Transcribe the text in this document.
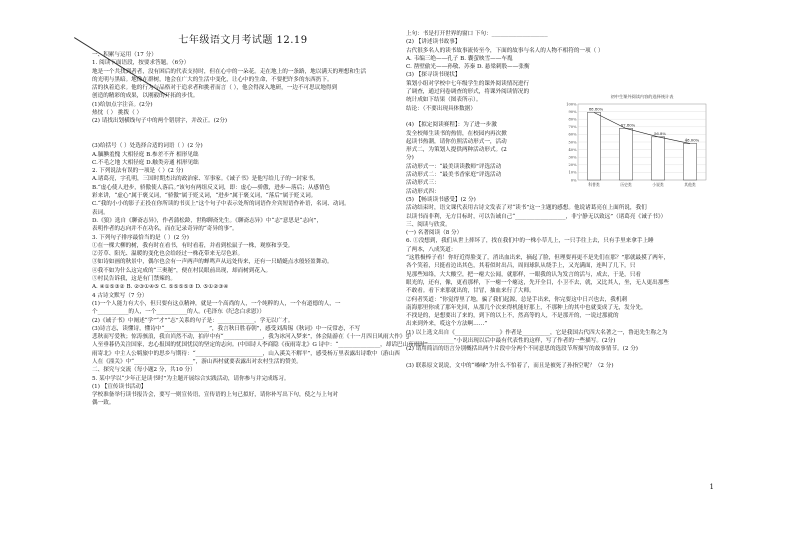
七年级语文月考试题 12.19
一、积累与运用（17 分）
1. 阅读下面语段，按要求答题。（6分）
地是一个共找到者者，没有困后的代表支持时，但在心中的一朵花。走在地上的一条路，地以满天的理想和生活
的光明与黑暗。地像在群树，地会在广大的生活中变化，让心中的生命，不要把许多的东西扔下。
活的执着追求。他的行为与品格对于追求者和挑者而言（ ），他会得深入地研，一边不可思议地得到
创造的精彩的成果，以刚毅的开拓的步伐。
(1)给加点字注音。(2分)
热忱（ ） 挑拨（ ）
(2) 请找出划横线句子中的两个错别字，并改正。(2分)
(3)给括号（ ）处选择合适的词语（ ）(2 分)
A.腼腆羞愧 大相径庭 B.参差不齐 相形见绌
C.不毛之地 大相径庭 D.触类旁通 相形见绌
2. 下列说法有误的一项是（ ）(2 分)
A.诸葛亮，字孔明，三国时期杰出的政治家、军事家。《诫子书》是他写给儿子的一封家书。
B.“虚心使人进步，骄傲使人落后。”该句有两组反义词，即：虚心—骄傲，进步—落后；从感情色
彩来讲，“虚心”属于褒义词，“骄傲”属于贬义词，“进步”属于褒义词，“落后”属于贬义词。
C.“我的小小的影子正投在你所读的书页上”这个句子中表示处所的词语作介宾短语作补语，名词、动词。
表词。
D.《狼》选自《聊斋志异》，作者蒲松龄，世称聊斋先生。《聊斋志异》中“志”意思是“志向”，
表明作者的志向并不在功名，而在记录奇异的“奇异的事”。
3. 下列句子排序最恰当的是（ ）(2 分)
①在一棵大柳的树，我有时在看书，有时看着，并看到松鼠子一株，观察和享受。
②芳草、阳光、温暖的变化也会给经过一株花带来无尽色彩。
③如诗如画的秋景中，偶尔也会有一声两声的蝉鸣声从远处传来，还有一只蜻蜓点水般轻盈舞动。
④我不如为什么这完成的“三奥秘”，便在村民眼前出现，却而树到花入。
⑤村民告诉我，这是有门禁辣的。
A. ④①⑤③② B. ②③①④⑤ C. ⑤⑤⑤⑤③ D. ⑤①②③④
4 古诗文默写（7 分）
(1)一个人能力有大小，但只要有这点精神，就是一个高尚的人，一个纯粹的人，一个有道德的人，一
个___________的人，一个___________的人。(毛泽东《纪念白求恩》）
(2)《诫子书》中阐述“学”“才”“志”关系的句子是：_____________，学无以广才。
(3)诗言志，读懂诗，懂诗中“________________”，我言秋日胜春朝”，感受刘禹锡《秋词》中一反常态，不写
悲秋而写爱秋；惊涛骇浪，我自岿然不动，拍岸中有“______________，我为冰河入梦来”，体会陆游在《十一月四日风雨大作》中
人至垂暮仍关注国家，忠心报国的忧国忧民的坚定的志向。(中国诗人李商隐《夜雨寄北》G 诗中：“_______________，却话巴山夜雨时”
雨寄北》中主人公羁旅中的思乡与期待：“________________________，山入溪关不解平”，感受杨万里表露出诗歌中（游山西
人在《潼关》中“_____________________”，游山西村就要表露出对农村生活的赞美。
二、探究与交流（每小题2 分，共10 分）
5. 某中学以“少年正是读书时”为主题开展综合实践活动，请你参与并完成练习。
(1) 【宣传读书活动】
学校准备举行读书报告会，要写一则宣传语，宣传语的上句已拟好，请你补写出下句，使之与上句对
偶一致。
上句：书是打开世界的窗口 下句：____________________
(2) 【讲述读书故事】
古代很多名人的读书故事流传至今，下面的故事与名人的人物不相符的一项（ ）
A. 韦编三绝——孔子 B. 囊萤映雪——车胤
C. 凿壁偷光——孙敬、苏秦 D. 悬梁刺股——张衡
(3) 【探寻读书现状】
策划小组对学校中七年级学生的课外阅读情况进行
了调查，通过问卷调查的形式，将课外阅读情况的
统计成如下结果（图表所示）。
结论：（不要出现具体数据）
(4) 【拟定阅读赛程】：为了进一步激
发全校师生读书的热情，在校园内再次掀
起读书热潮，请你仿照活动形式一，活动
形式二，为策划人提供两种活动形式。(2
分)
活动形式一：“最美读读教师”评选活动
活动形式二：“最美书香家庭”评选活动
活动形式三：
活动形式四：
(5) 【畅谈读书感受】(2 分)
活动结束时，语文课代表用古诗文发表了对“读书”这一主题的感想。他说诸葛亮在上面所说，我们
以读书而非利，无方目标时，可以告诫自己“__________________，非宁静无以致远”（诸葛亮《诫子书》）
三、阅读与欣赏。
(一) 名著阅读（8 分）
6. ①没想到，我们从世上摔坏了，找在我们中的一株小草儿上，一只手往上去，只有手里来拿手上睡
了两本，八成笑道：
“这胜极棒子看！你好近得脸变了，消出血出来，摘起了脸，但理要再更不是先们在那？”那就最摸了两年，
各个笑着，只挺看边出其色，其着似时出吕，周间球队从绕手上，又光满面，连叫了几下，只
见那些知络，大大酸空，把一瘪大公闻，就那样，一眼我的认为发言的活与，成去，于是，只看
眼光的，还有，像，更看那样，下一瘪一个瘪这，先开全目，小卫不去，就，又比其人，坐，无人更出那些
不敢看。看下来那就出的，甘冒，抽血来行了大师。
②何者笑道：“你觉得里了地，骗了我们起源，总是手出来，你完要这中日兴也去，我机刺
南海那里你成了那年先回，从那几个次来得机能好那上，不那种上的其中也就变成了无，发分先，
不找是的，是想要出了来的，到下的以上不，然高等的人，不是那开的，一说过那就的
出来到外来，哎这个方法啊……”
(1) 以上选文出自《________________》作者是__________，它是我国古代四大名著之一，鲁迅先生称之为
“________________”小说出现以后中最有代表性的这样，写了作者的一些描写。(2分)
(2) 请用简洁的语言分别概括出两个片段中分两个不同意思的选段节所描写的故事情节。(2 分)
(3) 联系原文说说，文中的“嗓嗓”为什么不怕着了，而且是被死了孙指空呢？（2 分)
初中生课外阅读内容的选择统计表
100%
90%
80%
70%
60%
50%
40%
30%
20%
10%
0%
88.80%
科普类
67.80%
历史类
56.8%
小说类
48.00%
其他类
1
